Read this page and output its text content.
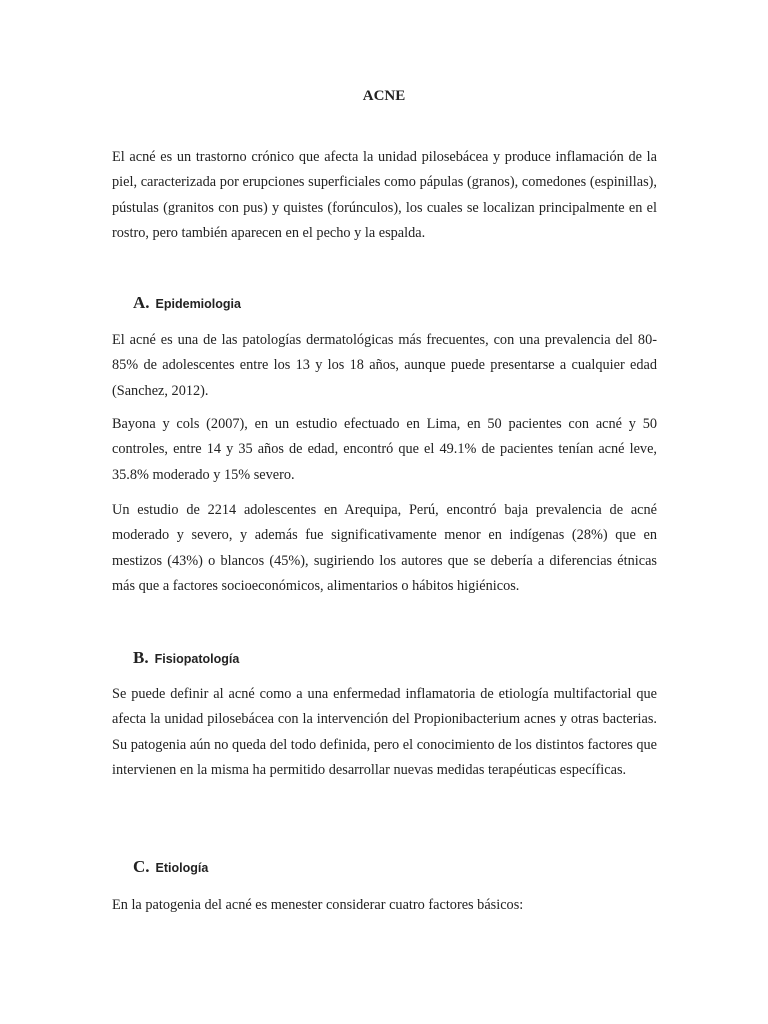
ACNE

El acné es un trastorno crónico que afecta la unidad pilosebácea y produce inflamación de la piel, caracterizada por erupciones superficiales como pápulas (granos), comedones (espinillas), pústulas (granitos con pus) y quistes (forúnculos), los cuales se localizan principalmente en el rostro, pero también aparecen en el pecho y la espalda.

A. Epidemiologia

El acné es una de las patologías dermatológicas más frecuentes, con una prevalencia del 80-85% de adolescentes entre los 13 y los 18 años, aunque puede presentarse a cualquier edad (Sanchez, 2012).

Bayona y cols (2007), en un estudio efectuado en Lima, en 50 pacientes con acné y 50 controles, entre 14 y 35 años de edad, encontró que el 49.1% de pacientes tenían acné leve, 35.8% moderado y 15% severo.

Un estudio de 2214 adolescentes en Arequipa, Perú, encontró baja prevalencia de acné moderado y severo, y además fue significativamente menor en indígenas (28%) que en mestizos (43%) o blancos (45%), sugiriendo los autores que se debería a diferencias étnicas más que a factores socioeconómicos, alimentarios o hábitos higiénicos.

B. Fisiopatología

Se puede definir al acné como a una enfermedad inflamatoria de etiología multifactorial que afecta la unidad pilosebácea con la intervención del Propionibacterium acnes y otras bacterias. Su patogenia aún no queda del todo definida, pero el conocimiento de los distintos factores que intervienen en la misma ha permitido desarrollar nuevas medidas terapéuticas específicas.

C. Etiología

En la patogenia del acné es menester considerar cuatro factores básicos:
